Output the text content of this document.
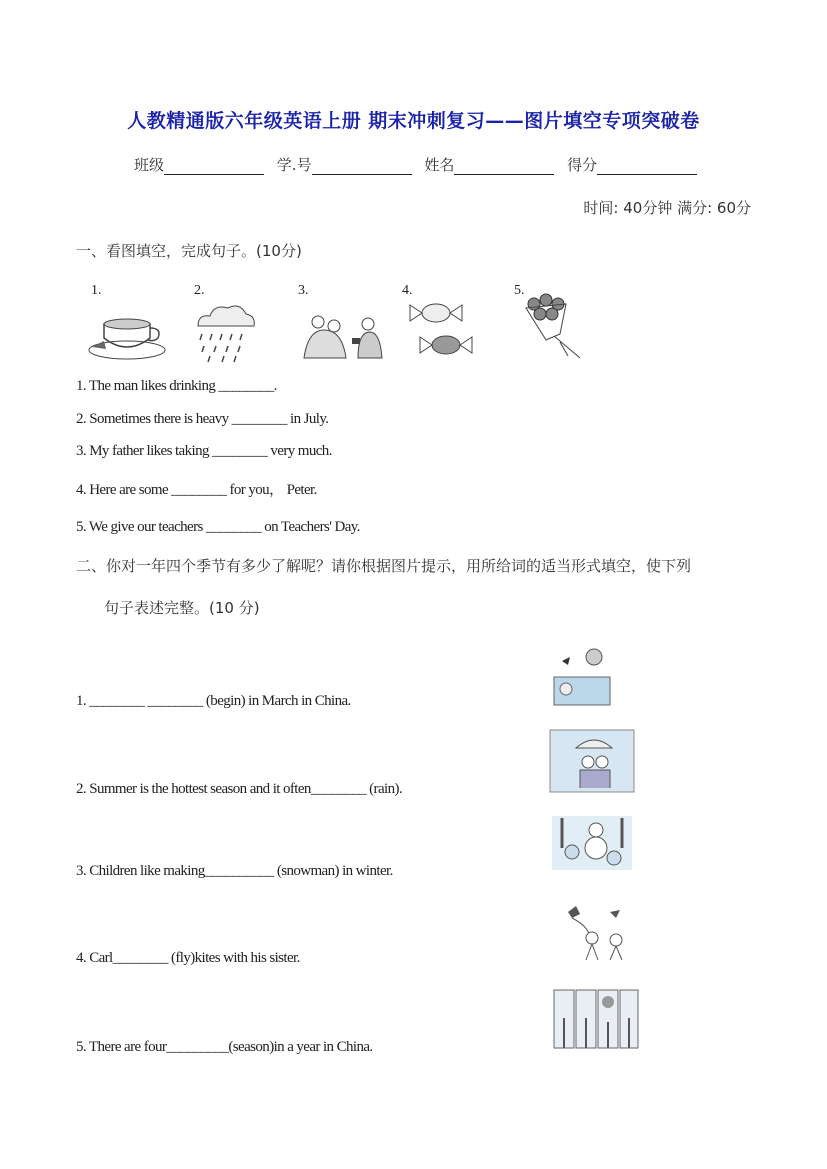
人教精通版六年级英语上册 期末冲刺复习——图片填空专项突破卷
班级	学.号	姓名	得分
时间: 40分钟 满分: 60分
一、看图填空，完成句子。(10分)
1.	2.	3.	4.	5.
1. The man likes drinking ________.
2. Sometimes there is heavy ________ in July.
3. My father likes taking ________ very much.
4. Here are some ________ for you， Peter.
5. We give our teachers ________ on Teachers' Day.
二、你对一年四个季节有多少了解呢？请你根据图片提示，用所给词的适当形式填空，使下列
句子表述完整。(10 分)
1. ________ ________ (begin) in March in China.
2. Summer is the hottest season and it often________ (rain).
3. Children like making__________ (snowman) in winter.
4. Carl________ (fly)kites with his sister.
5. There are four_________(season)in a year in China.
